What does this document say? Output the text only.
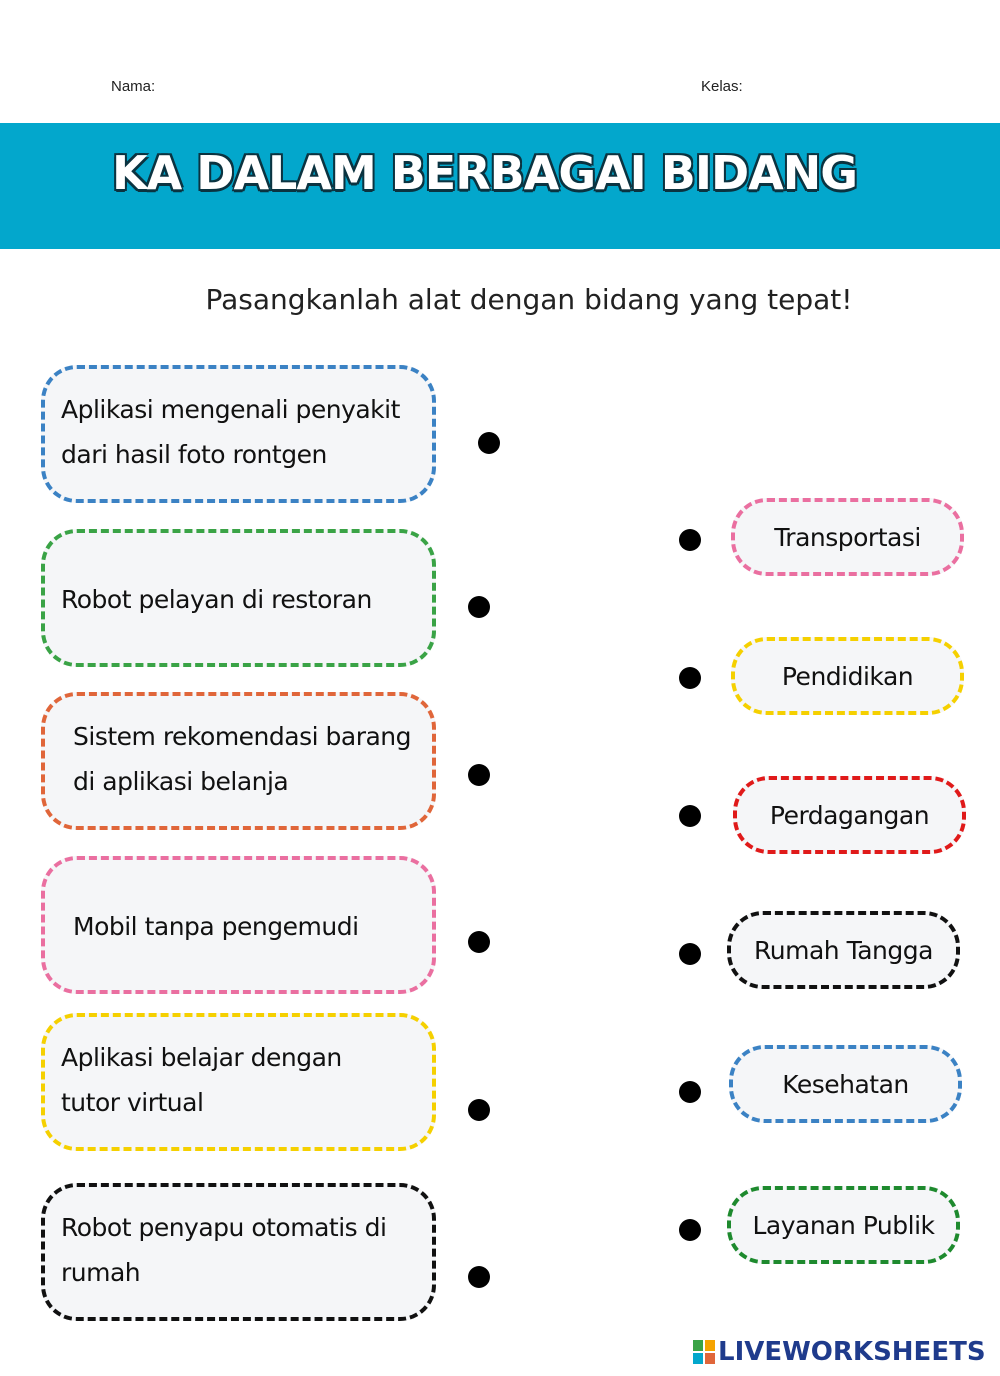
Nama:	Kelas:
KA DALAM BERBAGAI BIDANG
Pasangkanlah alat dengan bidang yang tepat!
Aplikasi mengenali penyakit
dari hasil foto rontgen
Robot pelayan di restoran
Sistem rekomendasi barang
di aplikasi belanja
Mobil tanpa pengemudi
Aplikasi belajar dengan
tutor virtual
Robot penyapu otomatis di
rumah
Transportasi
Pendidikan
Perdagangan
Rumah Tangga
Kesehatan
Layanan Publik
LIVEWORKSHEETS
